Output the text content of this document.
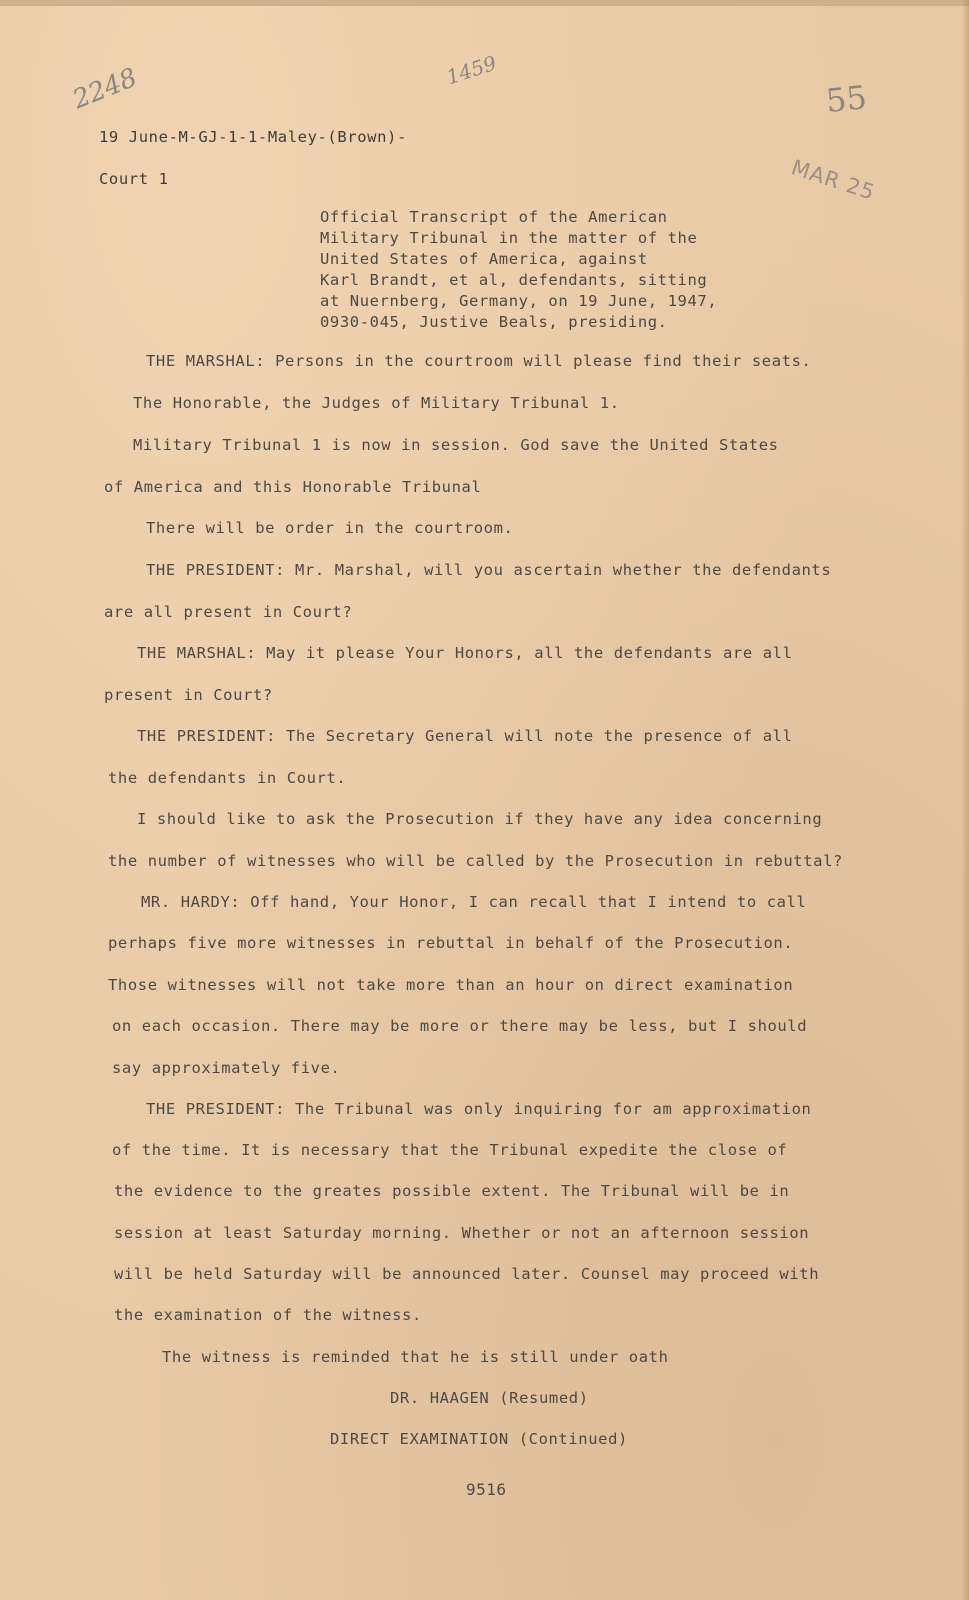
2248	1459
55
MAR 25
19 June-M-GJ-1-1-Maley-(Brown)-
Court 1
Official Transcript of the American
Military Tribunal in the matter of the
United States of America, against
Karl Brandt, et al, defendants, sitting
at Nuernberg, Germany, on 19 June, 1947,
0930-045, Justive Beals, presiding.
THE MARSHAL: Persons in the courtroom will please find their seats.
The Honorable, the Judges of Military Tribunal 1.
Military Tribunal 1 is now in session. God save the United States
of America and this Honorable Tribunal
There will be order in the courtroom.
THE PRESIDENT: Mr. Marshal, will you ascertain whether the defendants
are all present in Court?
THE MARSHAL: May it please Your Honors, all the defendants are all
present in Court?
THE PRESIDENT: The Secretary General will note the presence of all
the defendants in Court.
I should like to ask the Prosecution if they have any idea concerning
the number of witnesses who will be called by the Prosecution in rebuttal?
MR. HARDY: Off hand, Your Honor, I can recall that I intend to call
perhaps five more witnesses in rebuttal in behalf of the Prosecution.
Those witnesses will not take more than an hour on direct examination
on each occasion. There may be more or there may be less, but I should
say approximately five.
THE PRESIDENT: The Tribunal was only inquiring for am approximation
of the time. It is necessary that the Tribunal expedite the close of
the evidence to the greates possible extent. The Tribunal will be in
session at least Saturday morning. Whether or not an afternoon session
will be held Saturday will be announced later. Counsel may proceed with
the examination of the witness.
The witness is reminded that he is still under oath
DR. HAAGEN (Resumed)
DIRECT EXAMINATION (Continued)
9516
